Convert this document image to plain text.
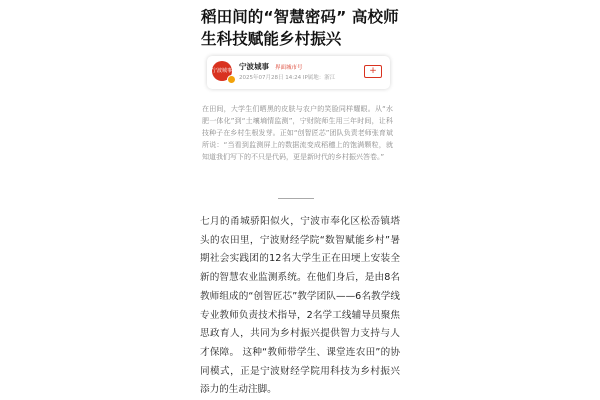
稻田间的“智慧密码” 高校师生科技赋能乡村振兴
宁波城事 宁波城事 界面城市号
2025年07月28日 14:24 IP属地：浙江
+
在田间，大学生们晒黑的皮肤与农户的笑脸同样耀眼。从“水肥一体化”到“土壤墒情监测”，宁财院师生用三年时间，让科技种子在乡村生根发芽。正如“创智匠芯”团队负责老师张育斌所说：“当看到监测屏上的数据流变成稻穗上的饱满颗粒，就知道我们写下的不只是代码，更是新时代的乡村振兴答卷。”
七月的甬城骄阳似火，宁波市奉化区松岙镇塔头的农田里，宁波财经学院“数智赋能乡村”暑期社会实践团的12名大学生正在田埂上安装全新的智慧农业监测系统。在他们身后，是由8名教师组成的“创智匠芯”教学团队——6名教学线专业教师负责技术指导，2名学工线辅导员聚焦思政育人，共同为乡村振兴提供智力支持与人才保障。 这种“教师带学生、课堂连农田”的协同模式，正是宁波财经学院用科技为乡村振兴添力的生动注脚。
